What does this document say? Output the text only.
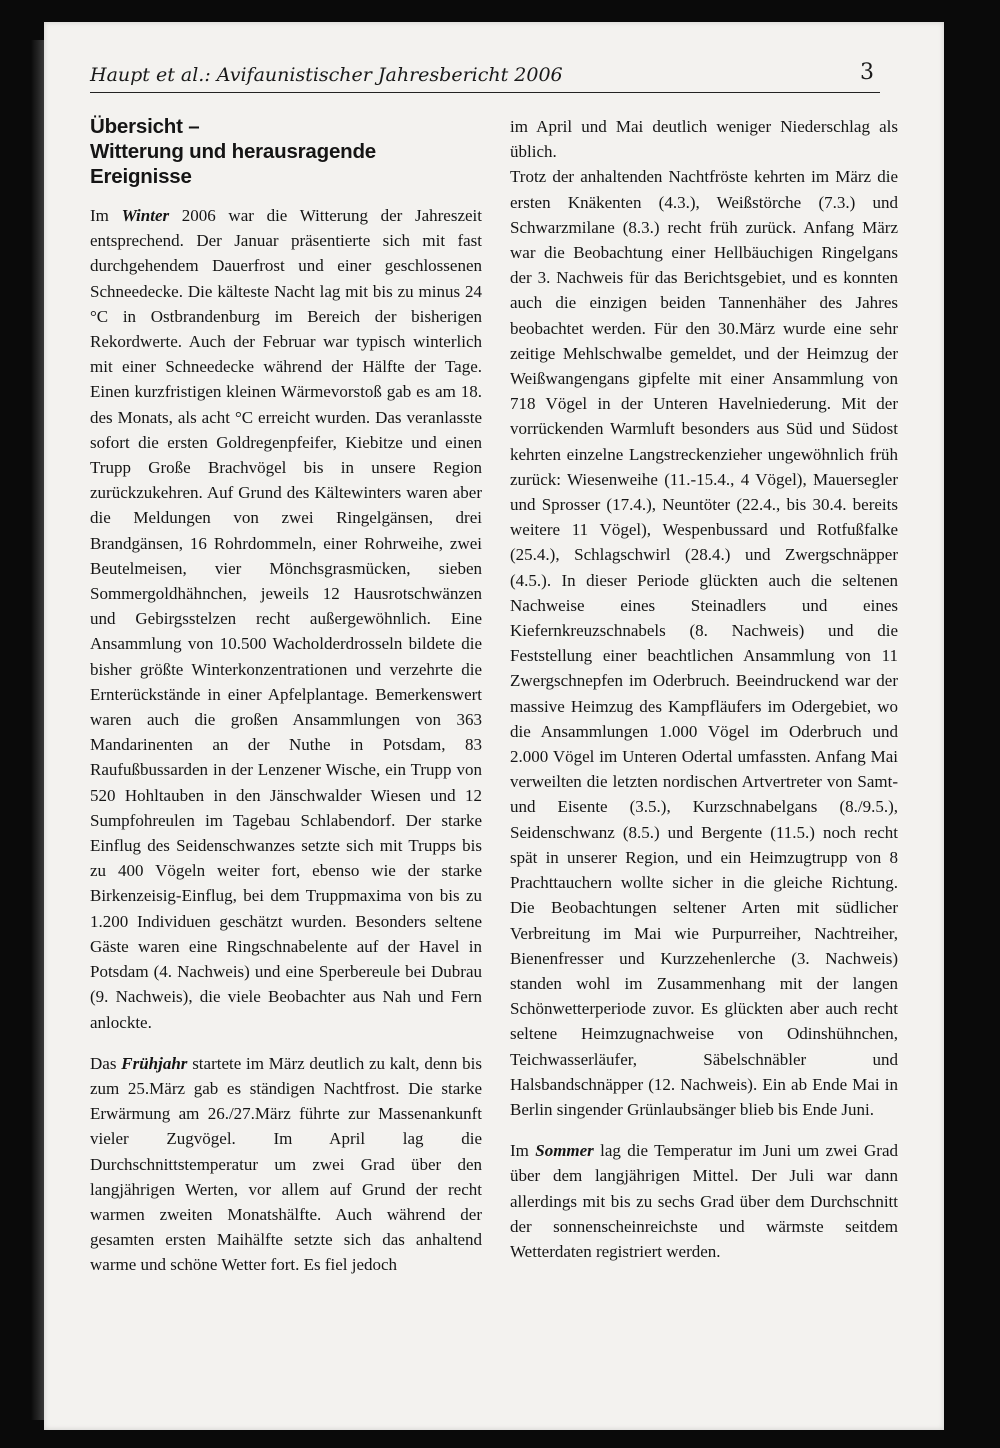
Haupt et al.: Avifaunistischer Jahresbericht 2006	3
Übersicht –
Witterung und herausragende Ereignisse

Im Winter 2006 war die Witterung der Jahreszeit entsprechend. Der Januar präsentierte sich mit fast durchgehendem Dauerfrost und einer geschlossenen Schneedecke. Die kälteste Nacht lag mit bis zu minus 24 °C in Ostbrandenburg im Bereich der bisherigen Rekordwerte. Auch der Februar war typisch winterlich mit einer Schneedecke während der Hälfte der Tage. Einen kurzfristigen kleinen Wärmevorstoß gab es am 18. des Monats, als acht °C erreicht wurden. Das veranlasste sofort die ersten Goldregenpfeifer, Kiebitze und einen Trupp Große Brachvögel bis in unsere Region zurückzukehren. Auf Grund des Kältewinters waren aber die Meldungen von zwei Ringelgänsen, drei Brandgänsen, 16 Rohrdommeln, einer Rohrweihe, zwei Beutelmeisen, vier Mönchsgrasmücken, sieben Sommergoldhähnchen, jeweils 12 Hausrotschwänzen und Gebirgsstelzen recht außergewöhnlich. Eine Ansammlung von 10.500 Wacholderdrosseln bildete die bisher größte Winterkonzentrationen und verzehrte die Ernterückstände in einer Apfelplantage. Bemerkenswert waren auch die großen Ansammlungen von 363 Mandarinenten an der Nuthe in Potsdam, 83 Raufußbussarden in der Lenzener Wische, ein Trupp von 520 Hohltauben in den Jänschwalder Wiesen und 12 Sumpfohreulen im Tagebau Schlabendorf. Der starke Einflug des Seidenschwanzes setzte sich mit Trupps bis zu 400 Vögeln weiter fort, ebenso wie der starke Birkenzeisig-Einflug, bei dem Truppmaxima von bis zu 1.200 Individuen geschätzt wurden. Besonders seltene Gäste waren eine Ringschnabelente auf der Havel in Potsdam (4. Nachweis) und eine Sperbereule bei Dubrau (9. Nachweis), die viele Beobachter aus Nah und Fern anlockte.

Das Frühjahr startete im März deutlich zu kalt, denn bis zum 25.März gab es ständigen Nachtfrost. Die starke Erwärmung am 26./27.März führte zur Massenankunft vieler Zugvögel. Im April lag die Durchschnittstemperatur um zwei Grad über den langjährigen Werten, vor allem auf Grund der recht warmen zweiten Monatshälfte. Auch während der gesamten ersten Maihälfte setzte sich das anhaltend warme und schöne Wetter fort. Es fiel jedoch

im April und Mai deutlich weniger Niederschlag als üblich.

Trotz der anhaltenden Nachtfröste kehrten im März die ersten Knäkenten (4.3.), Weißstörche (7.3.) und Schwarzmilane (8.3.) recht früh zurück. Anfang März war die Beobachtung einer Hellbäuchigen Ringelgans der 3. Nachweis für das Berichtsgebiet, und es konnten auch die einzigen beiden Tannenhäher des Jahres beobachtet werden. Für den 30.März wurde eine sehr zeitige Mehlschwalbe gemeldet, und der Heimzug der Weißwangengans gipfelte mit einer Ansammlung von 718 Vögel in der Unteren Havelniederung. Mit der vorrückenden Warmluft besonders aus Süd und Südost kehrten einzelne Langstreckenzieher ungewöhnlich früh zurück: Wiesenweihe (11.-15.4., 4 Vögel), Mauersegler und Sprosser (17.4.), Neuntöter (22.4., bis 30.4. bereits weitere 11 Vögel), Wespenbussard und Rotfußfalke (25.4.), Schlagschwirl (28.4.) und Zwergschnäpper (4.5.). In dieser Periode glückten auch die seltenen Nachweise eines Steinadlers und eines Kiefernkreuzschnabels (8. Nachweis) und die Feststellung einer beachtlichen Ansammlung von 11 Zwergschnepfen im Oderbruch. Beeindruckend war der massive Heimzug des Kampfläufers im Odergebiet, wo die Ansammlungen 1.000 Vögel im Oderbruch und 2.000 Vögel im Unteren Odertal umfassten. Anfang Mai verweilten die letzten nordischen Artvertreter von Samt- und Eisente (3.5.), Kurzschnabelgans (8./9.5.), Seidenschwanz (8.5.) und Bergente (11.5.) noch recht spät in unserer Region, und ein Heimzugtrupp von 8 Prachttauchern wollte sicher in die gleiche Richtung. Die Beobachtungen seltener Arten mit südlicher Verbreitung im Mai wie Purpurreiher, Nachtreiher, Bienenfresser und Kurzzehenlerche (3. Nachweis) standen wohl im Zusammenhang mit der langen Schönwetterperiode zuvor. Es glückten aber auch recht seltene Heimzugnachweise von Odinshühnchen, Teichwasserläufer, Säbelschnäbler und Halsbandschnäpper (12. Nachweis). Ein ab Ende Mai in Berlin singender Grünlaubsänger blieb bis Ende Juni.

Im Sommer lag die Temperatur im Juni um zwei Grad über dem langjährigen Mittel. Der Juli war dann allerdings mit bis zu sechs Grad über dem Durchschnitt der sonnenscheinreichste und wärmste seitdem Wetterdaten registriert werden.
